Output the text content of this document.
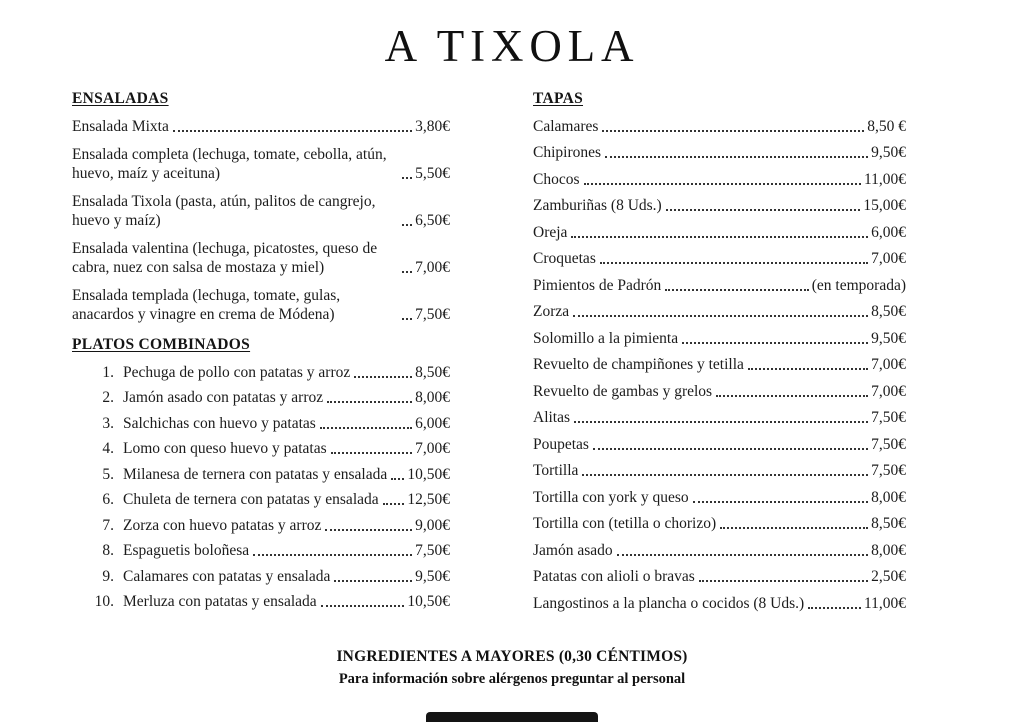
A TIXOLA
ENSALADAS
Ensalada Mixta	3,80€
Ensalada completa (lechuga, tomate, cebolla, atún, huevo, maíz y aceituna)	5,50€
Ensalada Tixola (pasta, atún, palitos de cangrejo, huevo y maíz)	6,50€
Ensalada valentina (lechuga, picatostes, queso de cabra, nuez con salsa de mostaza y miel)	7,00€
Ensalada templada (lechuga, tomate, gulas, anacardos y vinagre en crema de Módena)	7,50€
PLATOS COMBINADOS
1. Pechuga de pollo con patatas y arroz	8,50€
2. Jamón asado con patatas y arroz	8,00€
3. Salchichas con huevo y patatas	6,00€
4. Lomo con queso huevo y patatas	7,00€
5. Milanesa de ternera con patatas y ensalada 10,50€
6. Chuleta de ternera con patatas y ensalada 12,50€
7. Zorza con huevo patatas y arroz	9,00€
8. Espaguetis boloñesa	7,50€
9. Calamares con patatas y ensalada	9,50€
10. Merluza con patatas y ensalada	10,50€
TAPAS
Calamares	8,50 €
Chipirones	9,50€
Chocos	11,00€
Zamburiñas (8 Uds.)	15,00€
Oreja	6,00€
Croquetas	7,00€
Pimientos de Padrón	(en temporada)
Zorza	8,50€
Solomillo a la pimienta	9,50€
Revuelto de champiñones y tetilla	7,00€
Revuelto de gambas y grelos	7,00€
Alitas	7,50€
Poupetas	7,50€
Tortilla	7,50€
Tortilla con york y queso	8,00€
Tortilla con (tetilla o chorizo)	8,50€
Jamón asado	8,00€
Patatas con alioli o bravas	2,50€
Langostinos a la plancha o cocidos (8 Uds.)	11,00€
INGREDIENTES A MAYORES (0,30 CÉNTIMOS)
Para información sobre alérgenos preguntar al personal
